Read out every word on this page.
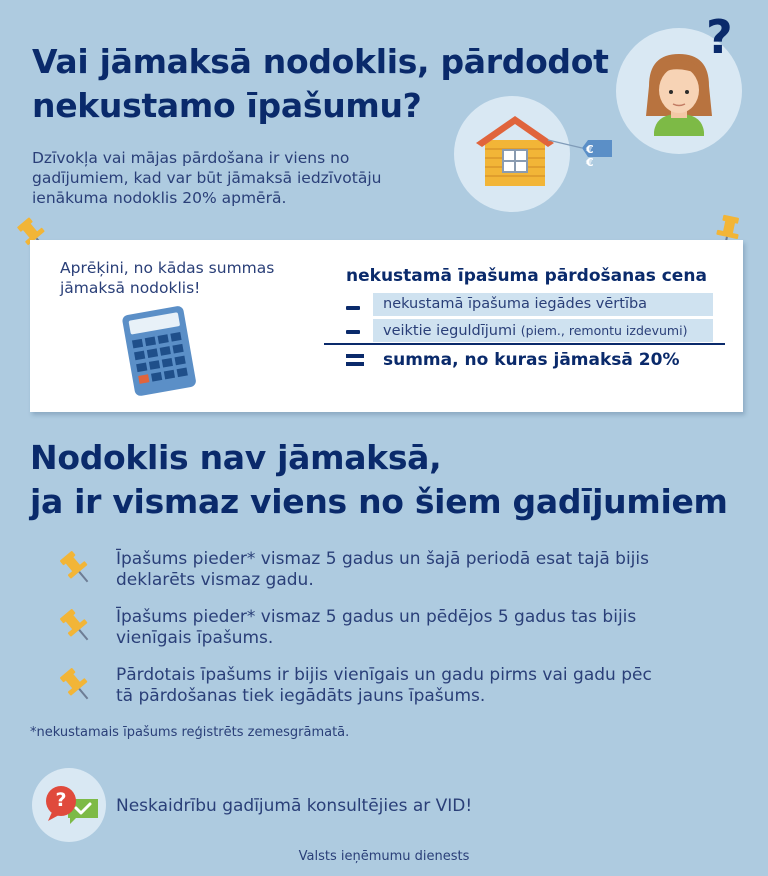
Vai jāmaksā nodoklis, pārdodot
nekustamo īpašumu?
Dzīvokļa vai mājas pārdošana ir viens no
gadījumiem, kad var būt jāmaksā iedzīvotāju
ienākuma nodoklis 20% apmērā.
€€
?
Aprēķini, no kādas summas
jāmaksā nodoklis!
nekustamā īpašuma pārdošanas cena
nekustamā īpašuma iegādes vērtība
veiktie ieguldījumi (piem., remontu izdevumi)
summa, no kuras jāmaksā 20%
Nodoklis nav jāmaksā,
ja ir vismaz viens no šiem gadījumiem
Īpašums pieder* vismaz 5 gadus un šajā periodā esat tajā bijis
deklarēts vismaz gadu.
Īpašums pieder* vismaz 5 gadus un pēdējos 5 gadus tas bijis
vienīgais īpašums.
Pārdotais īpašums ir bijis vienīgais un gadu pirms vai gadu pēc
tā pārdošanas tiek iegādāts jauns īpašums.
*nekustamais īpašums reģistrēts zemesgrāmatā.
?	Neskaidrību gadījumā konsultējies ar VID!
Valsts ieņēmumu dienests
